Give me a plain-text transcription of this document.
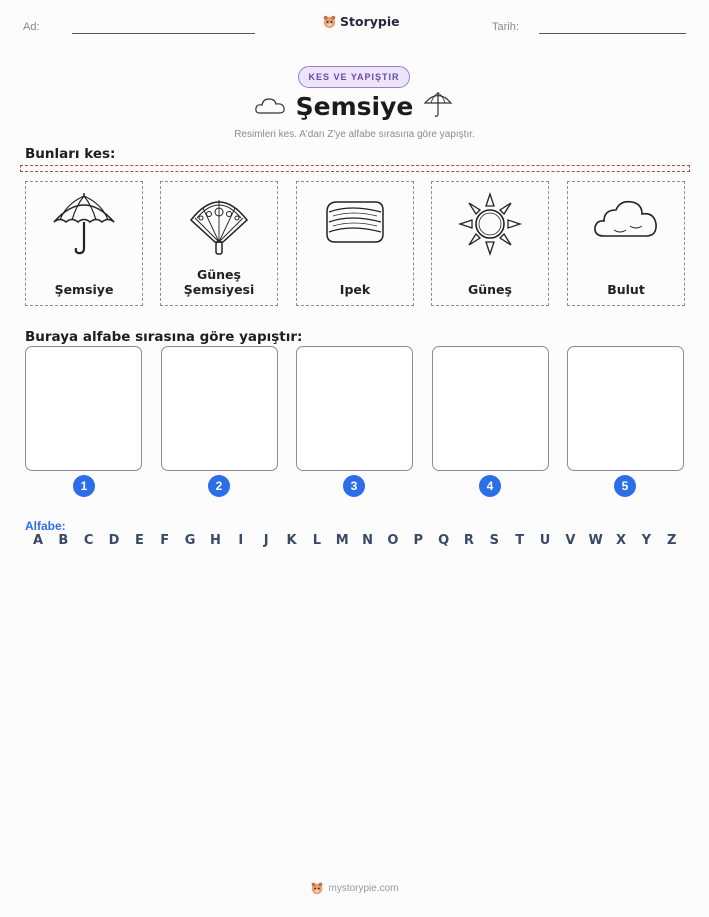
Ad:	Storypie	Tarih:
KES VE YAPIŞTIR
Şemsiye
Resimleri kes. A'dan Z'ye alfabe sırasına göre yapıştır.
Bunları kes:
Şemsiye
Güneş Şemsiyesi	Ipek	Güneş	Bulut
Buraya alfabe sırasına göre yapıştır:
1	2	3	4	5
Alfabe:
A	B	C	D	E	F	G	H	I	J	K	L	M	N	O	P	Q	R	S	T	U	V	W	X	Y	Z
mystorypie.com
